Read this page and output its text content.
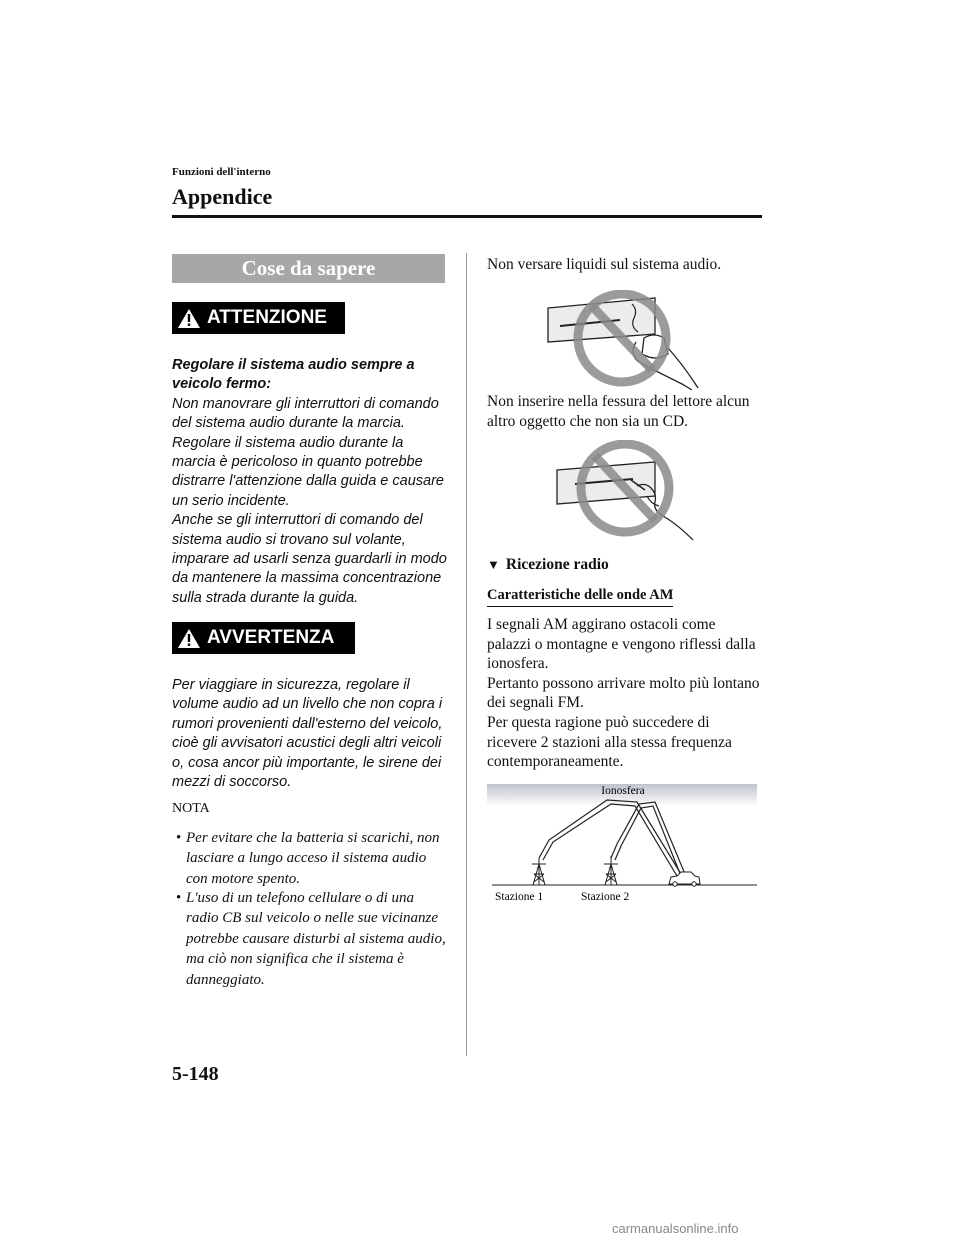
Funzioni dell'interno
Appendice
Cose da sapere
ATTENZIONE

Regolare il sistema audio sempre a veicolo fermo:

Non manovrare gli interruttori di comando del sistema audio durante la marcia. Regolare il sistema audio durante la marcia è pericoloso in quanto potrebbe distrarre l'attenzione dalla guida e causare un serio incidente.

Anche se gli interruttori di comando del sistema audio si trovano sul volante, imparare ad usarli senza guardarli in modo da mantenere la massima concentrazione sulla strada durante la guida.

AVVERTENZA

Per viaggiare in sicurezza, regolare il volume audio ad un livello che non copra i rumori provenienti dall'esterno del veicolo, cioè gli avvisatori acustici degli altri veicoli o, cosa ancor più importante, le sirene dei mezzi di soccorso.

NOTA
• Per evitare che la batteria si scarichi, non lasciare a lungo acceso il sistema audio con motore spento.
• L'uso di un telefono cellulare o di una radio CB sul veicolo o nelle sue vicinanze potrebbe causare disturbi al sistema audio, ma ciò non significa che il sistema è danneggiato.
Non versare liquidi sul sistema audio.
Non inserire nella fessura del lettore alcun altro oggetto che non sia un CD.
▼ Ricezione radio
Caratteristiche delle onde AM

I segnali AM aggirano ostacoli come palazzi o montagne e vengono riflessi dalla ionosfera.

Pertanto possono arrivare molto più lontano dei segnali FM.

Per questa ragione può succedere di ricevere 2 stazioni alla stessa frequenza contemporaneamente.

Ionosfera
Stazione 1	Stazione 2
5-148
carmanualsonline.info
